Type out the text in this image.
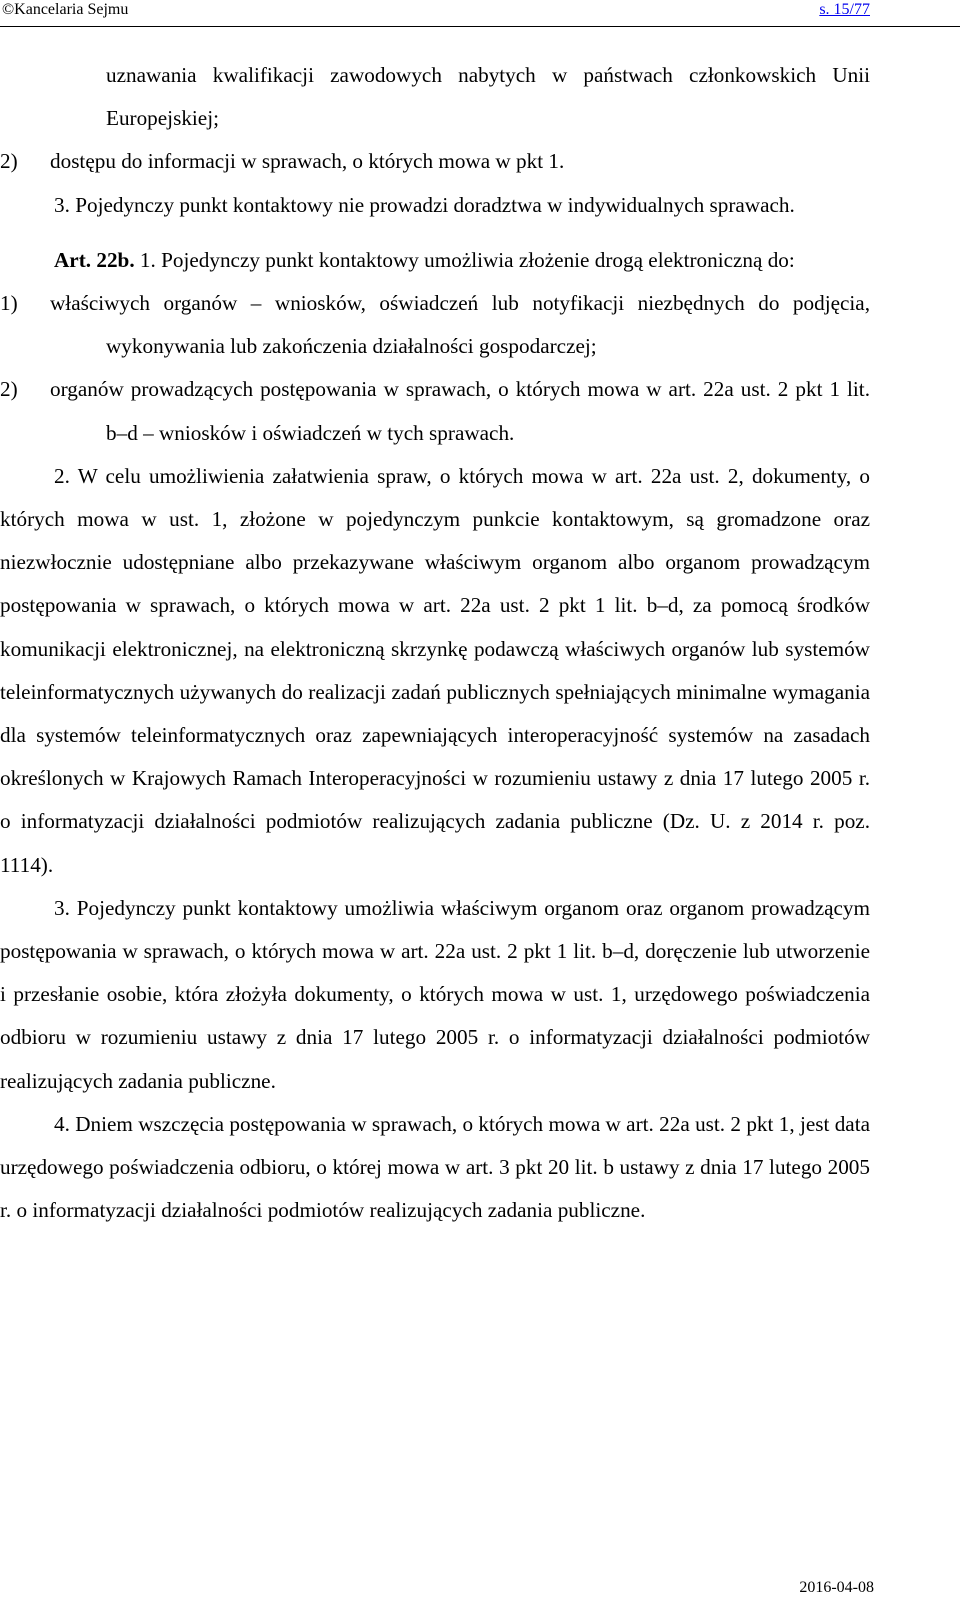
©Kancelaria Sejmu	s. 15/77

uznawania kwalifikacji zawodowych nabytych w państwach członkowskich Unii Europejskiej;

2) dostępu do informacji w sprawach, o których mowa w pkt 1.

3. Pojedynczy punkt kontaktowy nie prowadzi doradztwa w indywidualnych sprawach.

Art. 22b. 1. Pojedynczy punkt kontaktowy umożliwia złożenie drogą elektroniczną do:

1) właściwych organów – wniosków, oświadczeń lub notyfikacji niezbędnych do podjęcia, wykonywania lub zakończenia działalności gospodarczej;

2) organów prowadzących postępowania w sprawach, o których mowa w art. 22a ust. 2 pkt 1 lit. b–d – wniosków i oświadczeń w tych sprawach.

2. W celu umożliwienia załatwienia spraw, o których mowa w art. 22a ust. 2, dokumenty, o których mowa w ust. 1, złożone w pojedynczym punkcie kontaktowym, są gromadzone oraz niezwłocznie udostępniane albo przekazywane właściwym organom albo organom prowadzącym postępowania w sprawach, o których mowa w art. 22a ust. 2 pkt 1 lit. b–d, za pomocą środków komunikacji elektronicznej, na elektroniczną skrzynkę podawczą właściwych organów lub systemów teleinformatycznych używanych do realizacji zadań publicznych spełniających minimalne wymagania dla systemów teleinformatycznych oraz zapewniających interoperacyjność systemów na zasadach określonych w Krajowych Ramach Interoperacyjności w rozumieniu ustawy z dnia 17 lutego 2005 r. o informatyzacji działalności podmiotów realizujących zadania publiczne (Dz. U. z 2014 r. poz. 1114).

3. Pojedynczy punkt kontaktowy umożliwia właściwym organom oraz organom prowadzącym postępowania w sprawach, o których mowa w art. 22a ust. 2 pkt 1 lit. b–d, doręczenie lub utworzenie i przesłanie osobie, która złożyła dokumenty, o których mowa w ust. 1, urzędowego poświadczenia odbioru w rozumieniu ustawy z dnia 17 lutego 2005 r. o informatyzacji działalności podmiotów realizujących zadania publiczne.

4. Dniem wszczęcia postępowania w sprawach, o których mowa w art. 22a ust. 2 pkt 1, jest data urzędowego poświadczenia odbioru, o której mowa w art. 3 pkt 20 lit. b ustawy z dnia 17 lutego 2005 r. o informatyzacji działalności podmiotów realizujących zadania publiczne.

2016-04-08
